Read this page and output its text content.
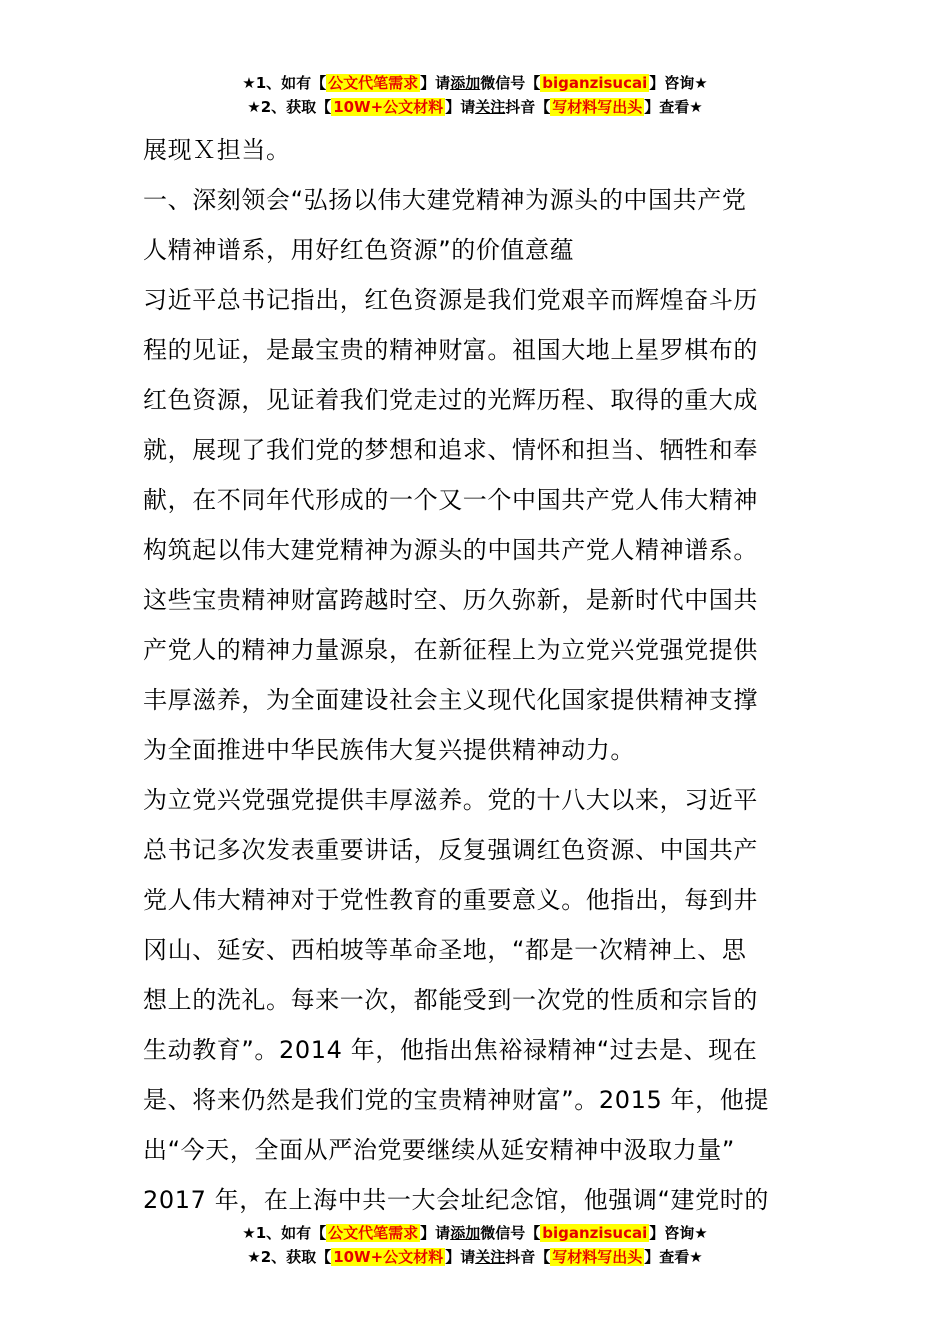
★1、如有【 公文代笔需求 】请添加微信号【 biganzisucai 】咨询★
★2、获取【 10W+公文材料 】请关注抖音【 写材料写出头 】查看★

展现Ｘ担当。

一、深刻领会“弘扬以伟大建党精神为源头的中国共产党

人精神谱系，用好红色资源”的价值意蕴

习近平总书记指出，红色资源是我们党艰辛而辉煌奋斗历

程的见证，是最宝贵的精神财富。祖国大地上星罗棋布的

红色资源，见证着我们党走过的光辉历程、取得的重大成

就，展现了我们党的梦想和追求、情怀和担当、牺牲和奉

献，在不同年代形成的一个又一个中国共产党人伟大精神

构筑起以伟大建党精神为源头的中国共产党人精神谱系。

这些宝贵精神财富跨越时空、历久弥新，是新时代中国共

产党人的精神力量源泉，在新征程上为立党兴党强党提供

丰厚滋养，为全面建设社会主义现代化国家提供精神支撑

为全面推进中华民族伟大复兴提供精神动力。

为立党兴党强党提供丰厚滋养。党的十八大以来，习近平

总书记多次发表重要讲话，反复强调红色资源、中国共产

党人伟大精神对于党性教育的重要意义。他指出，每到井

冈山、延安、西柏坡等革命圣地，“都是一次精神上、思

想上的洗礼。每来一次，都能受到一次党的性质和宗旨的

生动教育”。2014 年，他指出焦裕禄精神“过去是、现在

是、将来仍然是我们党的宝贵精神财富”。2015 年，他提

出“今天，全面从严治党要继续从延安精神中汲取力量”

2017 年，在上海中共一大会址纪念馆，他强调“建党时的

★1、如有【 公文代笔需求 】请添加微信号【 biganzisucai 】咨询★
★2、获取【 10W+公文材料 】请关注抖音【 写材料写出头 】查看★
